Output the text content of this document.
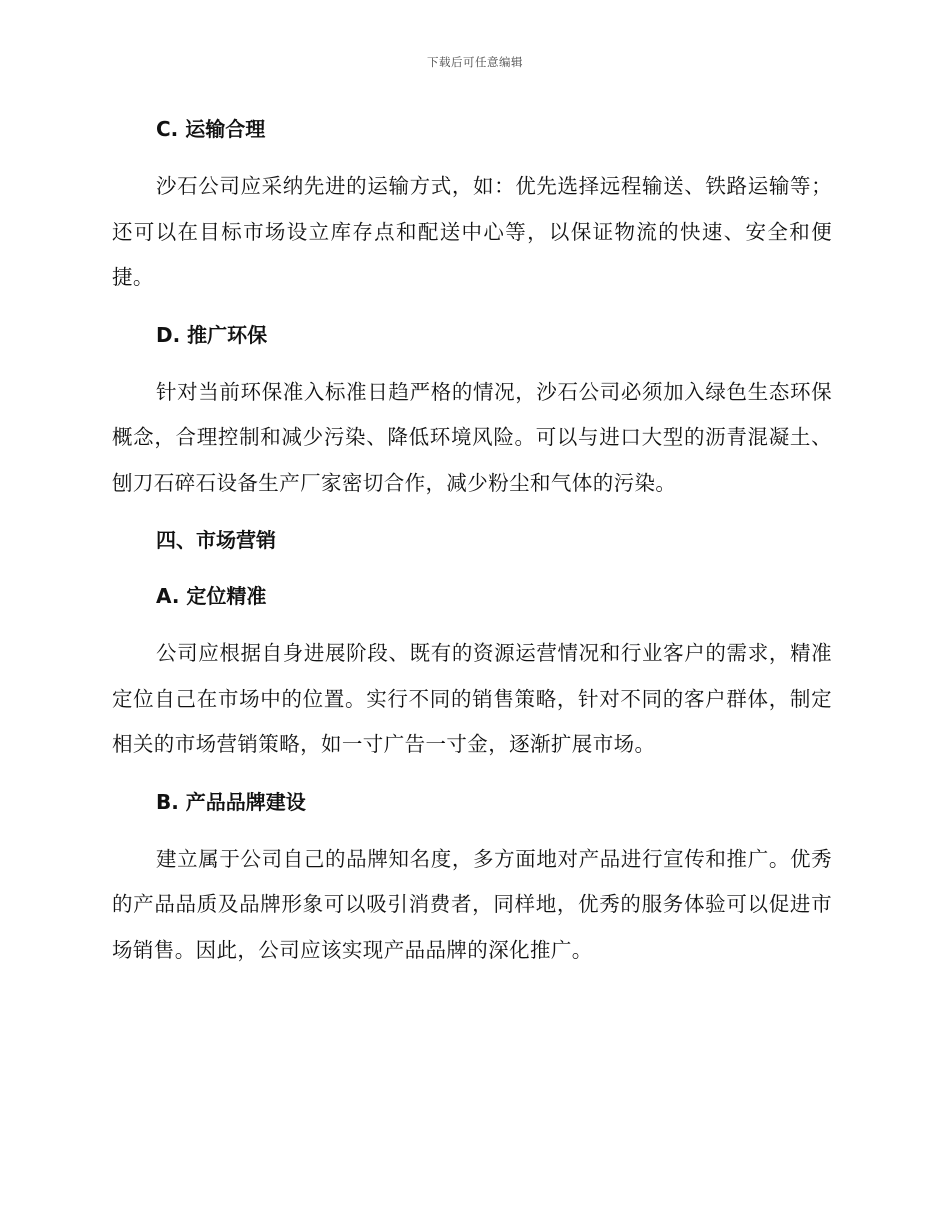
下载后可任意编辑
C. 运输合理

沙石公司应采纳先进的运输方式，如：优先选择远程输送、铁路运输等；还可以在目标市场设立库存点和配送中心等，以保证物流的快速、安全和便捷。

D. 推广环保

针对当前环保准入标准日趋严格的情况，沙石公司必须加入绿色生态环保概念，合理控制和减少污染、降低环境风险。可以与进口大型的沥青混凝土、刨刀石碎石设备生产厂家密切合作，减少粉尘和气体的污染。

四、市场营销
A. 定位精准

公司应根据自身进展阶段、既有的资源运营情况和行业客户的需求，精准定位自己在市场中的位置。实行不同的销售策略，针对不同的客户群体，制定相关的市场营销策略，如一寸广告一寸金，逐渐扩展市场。

B. 产品品牌建设

建立属于公司自己的品牌知名度，多方面地对产品进行宣传和推广。优秀的产品品质及品牌形象可以吸引消费者，同样地，优秀的服务体验可以促进市场销售。因此，公司应该实现产品品牌的深化推广。
